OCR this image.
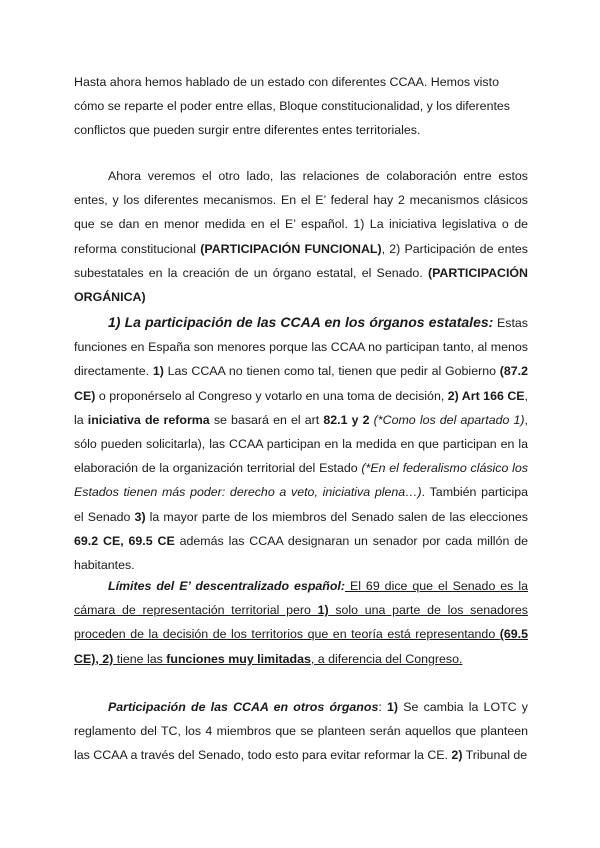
Hasta ahora hemos hablado de un estado con diferentes CCAA. Hemos visto cómo se reparte el poder entre ellas, Bloque constitucionalidad, y los diferentes conflictos que pueden surgir entre diferentes entes territoriales.

Ahora veremos el otro lado, las relaciones de colaboración entre estos entes, y los diferentes mecanismos. En el E’ federal hay 2 mecanismos clásicos que se dan en menor medida en el E’ español. 1) La iniciativa legislativa o de reforma constitucional (PARTICIPACIÓN FUNCIONAL), 2) Participación de entes subestatales en la creación de un órgano estatal, el Senado. (PARTICIPACIÓN ORGÁNICA)

1) La participación de las CCAA en los órganos estatales: Estas funciones en España son menores porque las CCAA no participan tanto, al menos directamente. 1) Las CCAA no tienen como tal, tienen que pedir al Gobierno (87.2 CE) o proponérselo al Congreso y votarlo en una toma de decisión, 2) Art 166 CE, la iniciativa de reforma se basará en el art 82.1 y 2 (*Como los del apartado 1), sólo pueden solicitarla), las CCAA participan en la medida en que participan en la elaboración de la organización territorial del Estado (*En el federalismo clásico los Estados tienen más poder: derecho a veto, iniciativa plena…). También participa el Senado 3) la mayor parte de los miembros del Senado salen de las elecciones 69.2 CE, 69.5 CE además las CCAA designaran un senador por cada millón de habitantes.

Límites del E’ descentralizado español: El 69 dice que el Senado es la cámara de representación territorial pero 1) solo una parte de los senadores proceden de la decisión de los territorios que en teoría está representando (69.5 CE), 2) tiene las funciones muy limitadas, a diferencia del Congreso.

Participación de las CCAA en otros órganos: 1) Se cambia la LOTC y reglamento del TC, los 4 miembros que se planteen serán aquellos que planteen las CCAA a través del Senado, todo esto para evitar reformar la CE. 2) Tribunal de
